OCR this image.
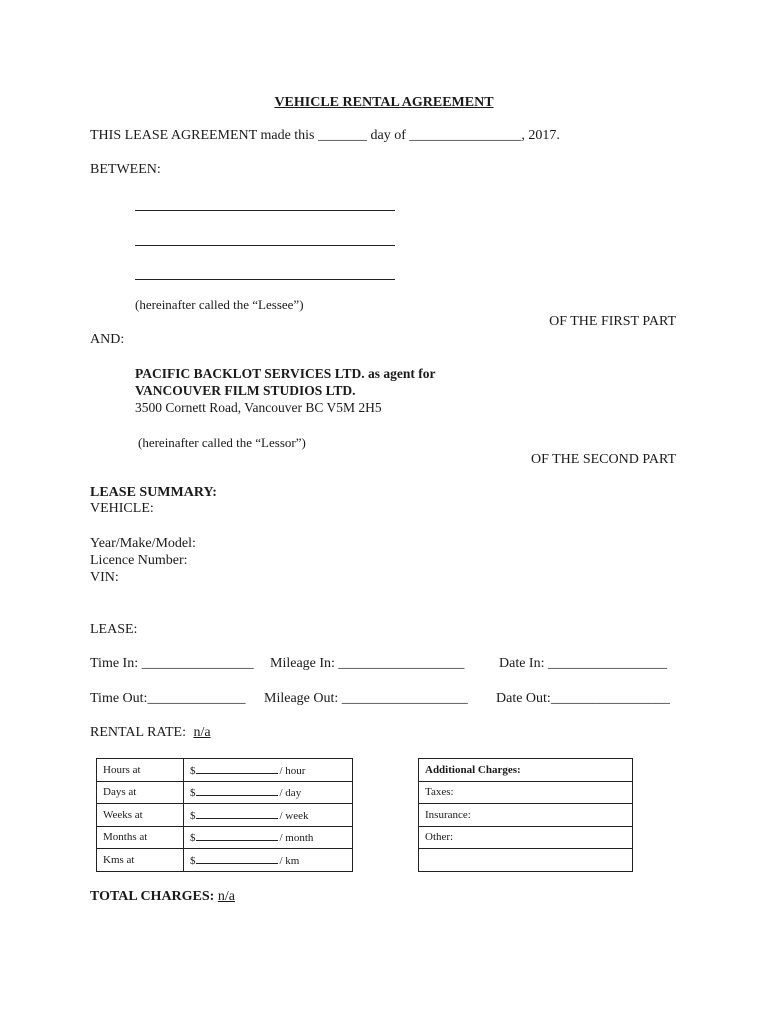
VEHICLE RENTAL AGREEMENT
THIS LEASE AGREEMENT made this _______ day of ________________, 2017.
BETWEEN:
(hereinafter called the “Lessee”)
OF THE FIRST PART
AND:
PACIFIC BACKLOT SERVICES LTD. as agent for
VANCOUVER FILM STUDIOS LTD.
3500 Cornett Road, Vancouver BC V5M 2H5
(hereinafter called the “Lessor”)
OF THE SECOND PART
LEASE SUMMARY:
VEHICLE:
Year/Make/Model:
Licence Number:
VIN:
LEASE:
Time In: ________________ Mileage In: __________________ Date In: _________________
Time Out:______________ Mileage Out: __________________ Date Out:_________________
RENTAL RATE: n/a
Hours at	$ / hour
Days at	$ / day
Weeks at	$ / week
Months at	$ / month
Kms at	$ / km
Additional Charges:
Taxes:
Insurance:
Other:

TOTAL CHARGES: n/a
